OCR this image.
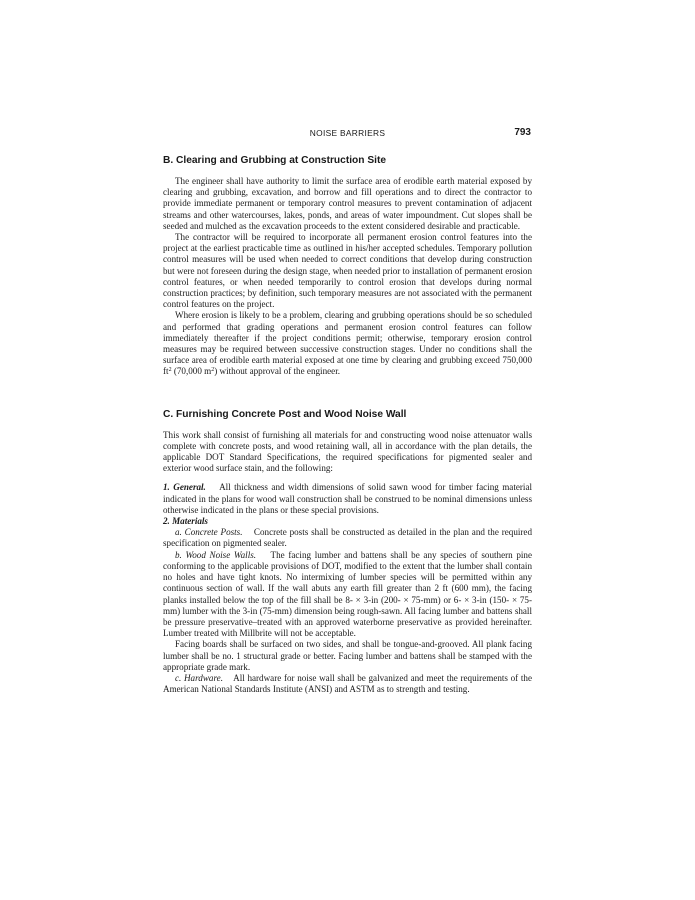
NOISE BARRIERS	793
B. Clearing and Grubbing at Construction Site

The engineer shall have authority to limit the surface area of erodible earth material exposed by clearing and grubbing, excavation, and borrow and fill operations and to direct the contractor to provide immediate permanent or temporary control measures to prevent contamination of adjacent streams and other watercourses, lakes, ponds, and areas of water impoundment. Cut slopes shall be seeded and mulched as the excavation proceeds to the extent considered desirable and practicable.

The contractor will be required to incorporate all permanent erosion control features into the project at the earliest practicable time as outlined in his/her accepted schedules. Temporary pollution control measures will be used when needed to correct conditions that develop during construction but were not foreseen during the design stage, when needed prior to installation of permanent erosion control features, or when needed temporarily to control erosion that develops during normal construction practices; by definition, such temporary measures are not associated with the permanent control features on the project.

Where erosion is likely to be a problem, clearing and grubbing operations should be so scheduled and performed that grading operations and permanent erosion control features can follow immediately thereafter if the project conditions permit; otherwise, temporary erosion control measures may be required between successive construction stages. Under no conditions shall the surface area of erodible earth material exposed at one time by clearing and grubbing exceed 750,000 $ft^2$ (70,000 $m^2$) without approval of the engineer.

C. Furnishing Concrete Post and Wood Noise Wall

This work shall consist of furnishing all materials for and constructing wood noise attenuator walls complete with concrete posts, and wood retaining wall, all in accordance with the plan details, the applicable DOT Standard Specifications, the required specifications for pigmented sealer and exterior wood surface stain, and the following:

1. General. All thickness and width dimensions of solid sawn wood for timber facing material indicated in the plans for wood wall construction shall be construed to be nominal dimensions unless otherwise indicated in the plans or these special provisions.

2. Materials

a. Concrete Posts. Concrete posts shall be constructed as detailed in the plan and the required specification on pigmented sealer.

b. Wood Noise Walls. The facing lumber and battens shall be any species of southern pine conforming to the applicable provisions of DOT, modified to the extent that the lumber shall contain no holes and have tight knots. No intermixing of lumber species will be permitted within any continuous section of wall. If the wall abuts any earth fill greater than 2 ft (600 mm), the facing planks installed below the top of the fill shall be 8- × 3-in (200- × 75-mm) or 6- × 3-in (150- × 75-mm) lumber with the 3-in (75-mm) dimension being rough-sawn. All facing lumber and battens shall be pressure preservative–treated with an approved waterborne preservative as provided hereinafter. Lumber treated with Millbrite will not be acceptable.

Facing boards shall be surfaced on two sides, and shall be tongue-and-grooved. All plank facing lumber shall be no. 1 structural grade or better. Facing lumber and battens shall be stamped with the appropriate grade mark.

c. Hardware. All hardware for noise wall shall be galvanized and meet the requirements of the American National Standards Institute (ANSI) and ASTM as to strength and testing.
